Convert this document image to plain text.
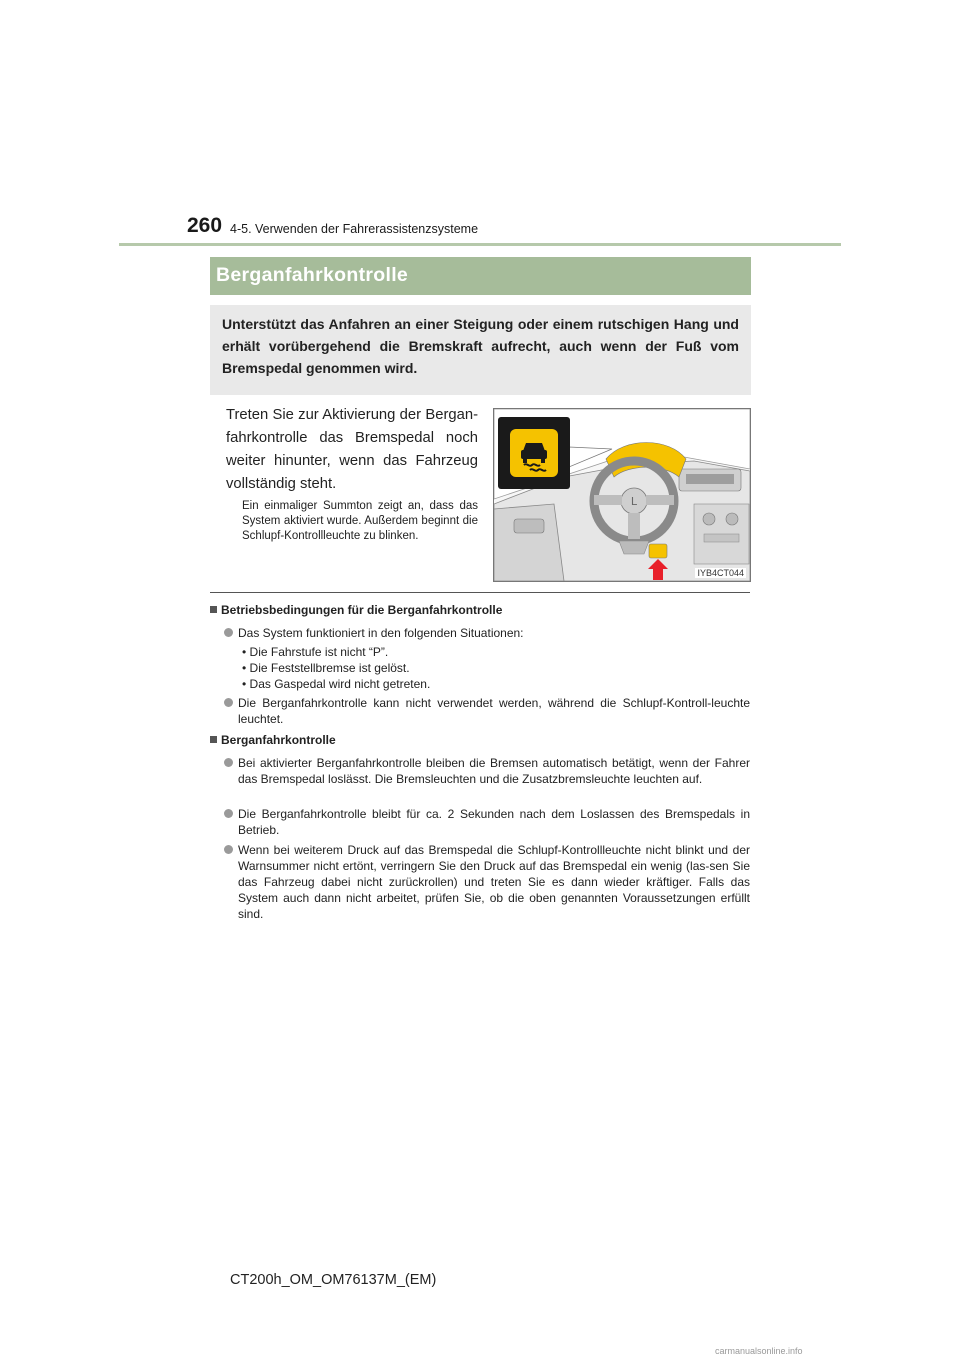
260 4-5. Verwenden der Fahrerassistenzsysteme
Berganfahrkontrolle
Unterstützt das Anfahren an einer Steigung oder einem rutschigen Hang und erhält vorübergehend die Bremskraft aufrecht, auch wenn der Fuß vom Bremspedal genommen wird.
Treten Sie zur Aktivierung der Bergan-fahrkontrolle das Bremspedal noch weiter hinunter, wenn das Fahrzeug vollständig steht.
Ein einmaliger Summton zeigt an, dass das System aktiviert wurde. Außerdem beginnt die Schlupf-Kontrollleuchte zu blinken.
L
IYB4CT044
Betriebsbedingungen für die Berganfahrkontrolle
Das System funktioniert in den folgenden Situationen:
• Die Fahrstufe ist nicht “P”.
• Die Feststellbremse ist gelöst.
• Das Gaspedal wird nicht getreten.
Die Berganfahrkontrolle kann nicht verwendet werden, während die Schlupf-Kontroll-leuchte leuchtet.
Berganfahrkontrolle
Bei aktivierter Berganfahrkontrolle bleiben die Bremsen automatisch betätigt, wenn der Fahrer das Bremspedal loslässt. Die Bremsleuchten und die Zusatzbremsleuchte leuchten auf.
Die Berganfahrkontrolle bleibt für ca. 2 Sekunden nach dem Loslassen des Bremspedals in Betrieb.
Wenn bei weiterem Druck auf das Bremspedal die Schlupf-Kontrollleuchte nicht blinkt und der Warnsummer nicht ertönt, verringern Sie den Druck auf das Bremspedal ein wenig (las-sen Sie das Fahrzeug dabei nicht zurückrollen) und treten Sie es dann wieder kräftiger. Falls das System auch dann nicht arbeitet, prüfen Sie, ob die oben genannten Voraussetzungen erfüllt sind.
CT200h_OM_OM76137M_(EM)
carmanualsonline.info
